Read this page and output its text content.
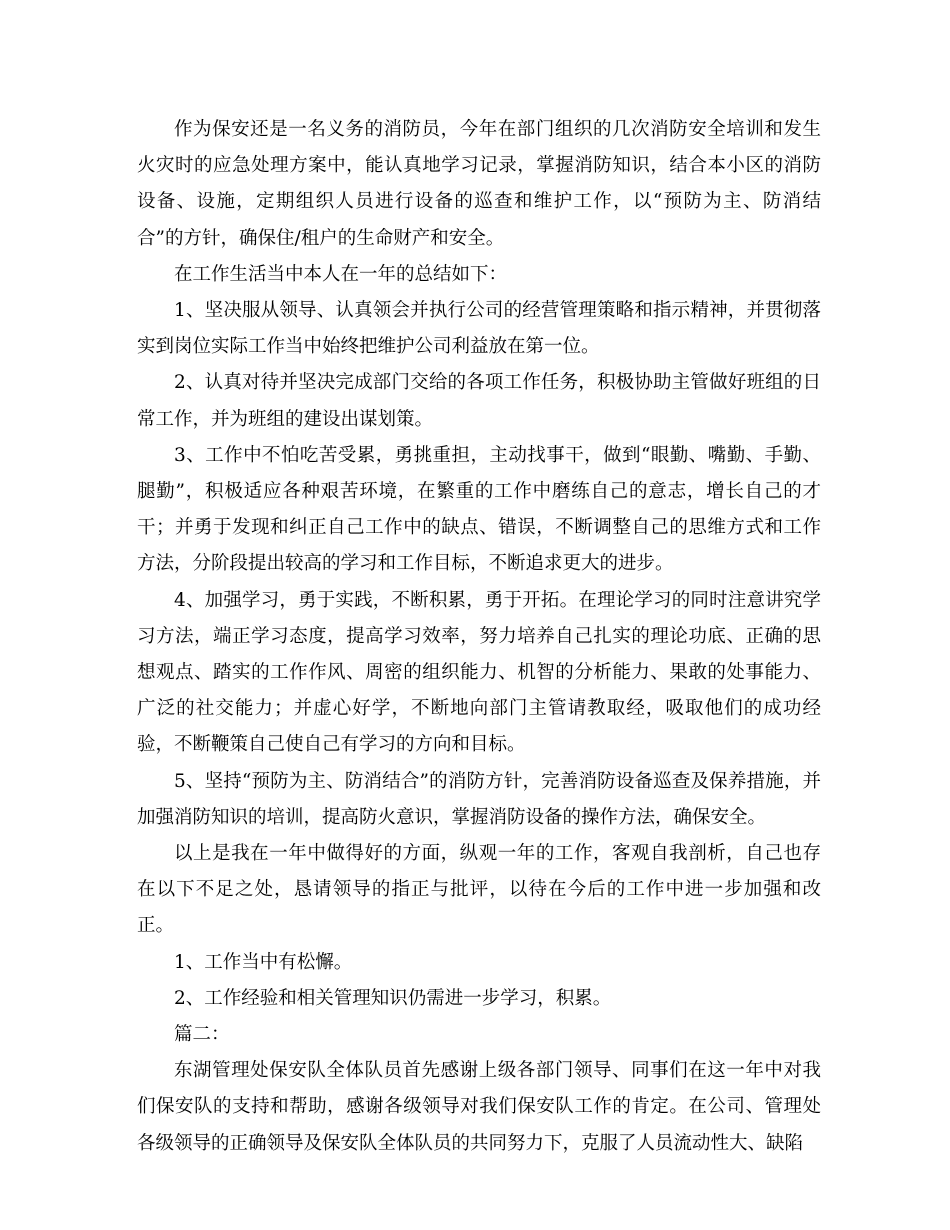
作为保安还是一名义务的消防员，今年在部门组织的几次消防安全培训和发生火灾时的应急处理方案中，能认真地学习记录，掌握消防知识，结合本小区的消防设备、设施，定期组织人员进行设备的巡查和维护工作，以“预防为主、防消结合”的方针，确保住/租户的生命财产和安全。

在工作生活当中本人在一年的总结如下：

1、坚决服从领导、认真领会并执行公司的经营管理策略和指示精神，并贯彻落实到岗位实际工作当中始终把维护公司利益放在第一位。

2、认真对待并坚决完成部门交给的各项工作任务，积极协助主管做好班组的日常工作，并为班组的建设出谋划策。

3、工作中不怕吃苦受累，勇挑重担，主动找事干，做到“眼勤、嘴勤、手勤、腿勤”，积极适应各种艰苦环境，在繁重的工作中磨练自己的意志，增长自己的才干；并勇于发现和纠正自己工作中的缺点、错误，不断调整自己的思维方式和工作方法，分阶段提出较高的学习和工作目标，不断追求更大的进步。

4、加强学习，勇于实践，不断积累，勇于开拓。在理论学习的同时注意讲究学习方法，端正学习态度，提高学习效率，努力培养自己扎实的理论功底、正确的思想观点、踏实的工作作风、周密的组织能力、机智的分析能力、果敢的处事能力、广泛的社交能力；并虚心好学，不断地向部门主管请教取经，吸取他们的成功经验，不断鞭策自己使自己有学习的方向和目标。

5、坚持“预防为主、防消结合”的消防方针，完善消防设备巡查及保养措施，并加强消防知识的培训，提高防火意识，掌握消防设备的操作方法，确保安全。

以上是我在一年中做得好的方面，纵观一年的工作，客观自我剖析，自己也存在以下不足之处，恳请领导的指正与批评，以待在今后的工作中进一步加强和改正。

1、工作当中有松懈。

2、工作经验和相关管理知识仍需进一步学习，积累。

篇二：

东湖管理处保安队全体队员首先感谢上级各部门领导、同事们在这一年中对我们保安队的支持和帮助，感谢各级领导对我们保安队工作的肯定。在公司、管理处各级领导的正确领导及保安队全体队员的共同努力下，克服了人员流动性大、缺陷
